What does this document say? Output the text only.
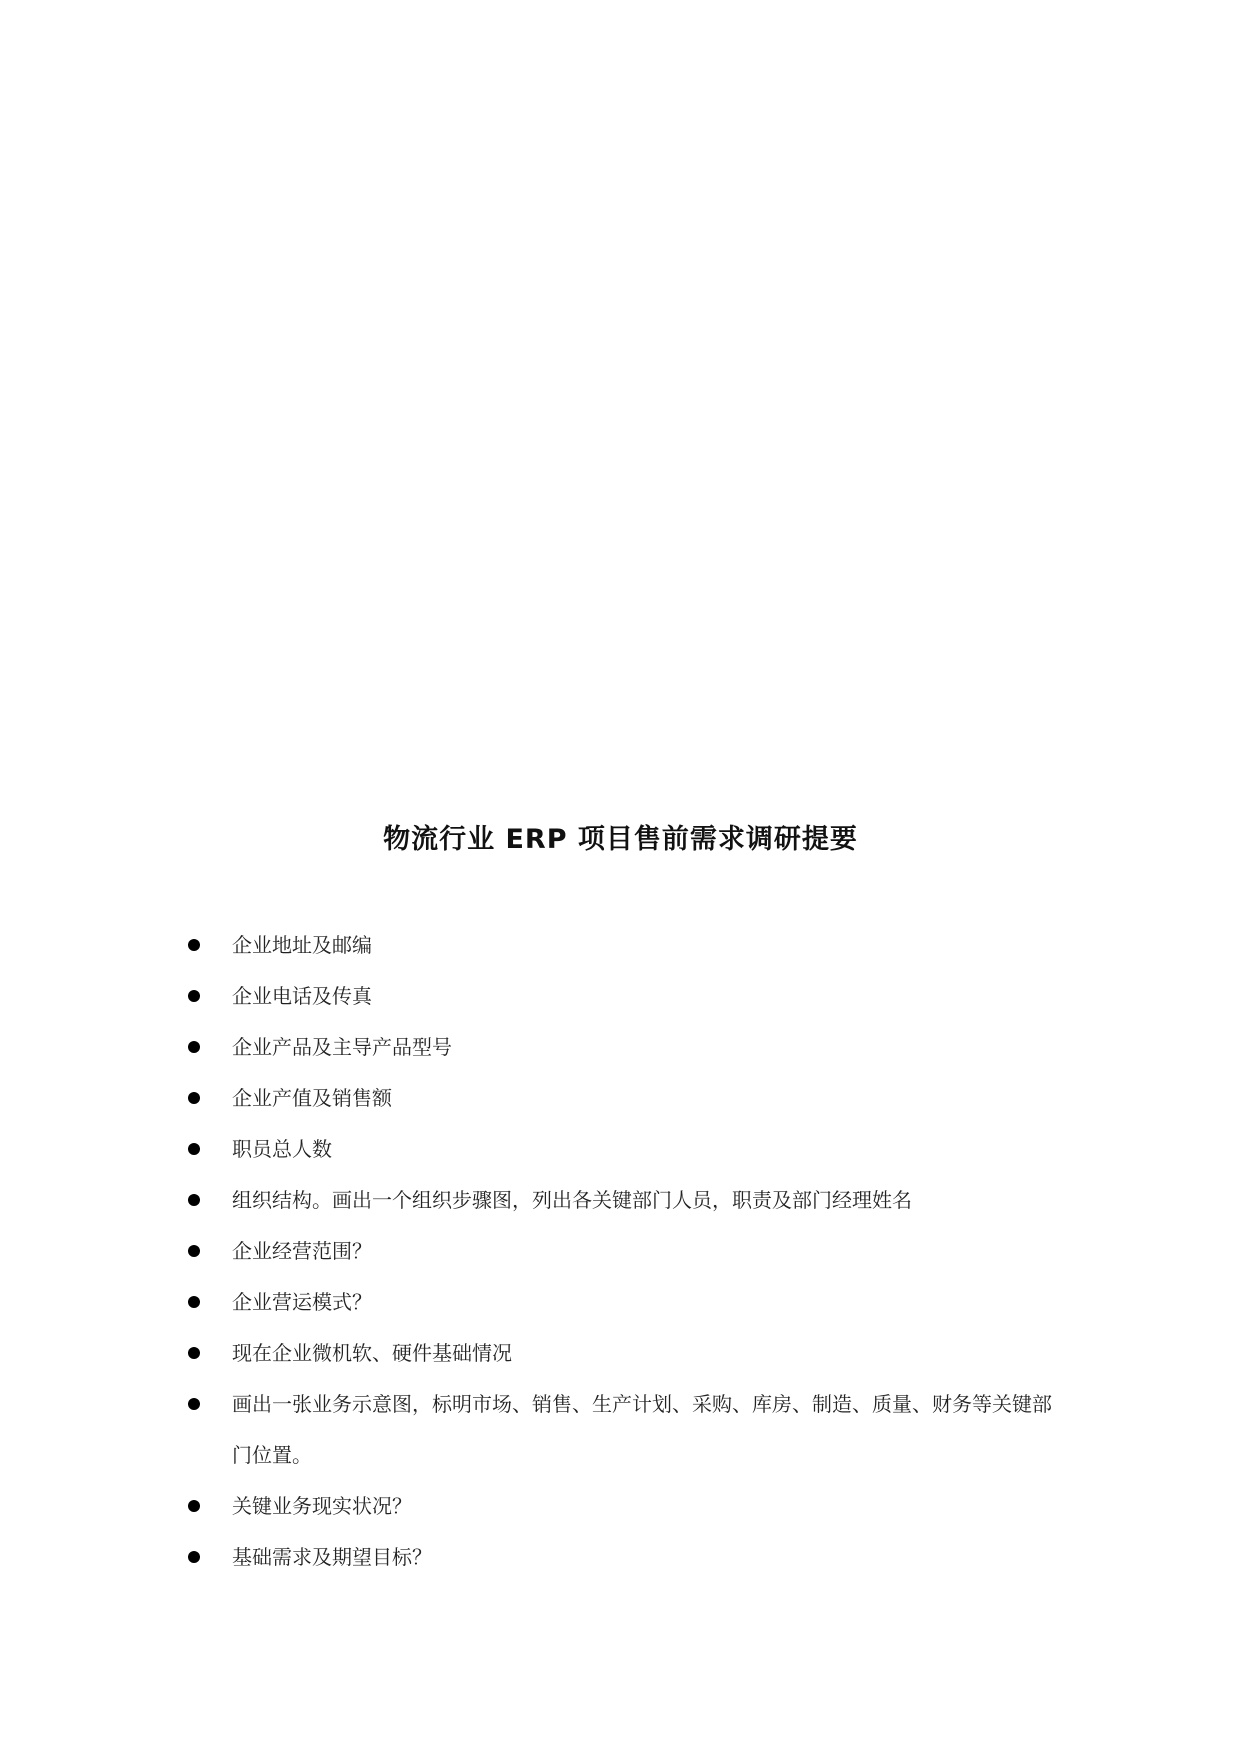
物流行业 ERP 项目售前需求调研提要
企业地址及邮编
企业电话及传真
企业产品及主导产品型号
企业产值及销售额
职员总人数
组织结构。画出一个组织步骤图，列出各关键部门人员，职责及部门经理姓名
企业经营范围？
企业营运模式？
现在企业微机软、硬件基础情况
画出一张业务示意图，标明市场、销售、生产计划、采购、库房、制造、质量、财务等关键部门位置。
关键业务现实状况？
基础需求及期望目标？
